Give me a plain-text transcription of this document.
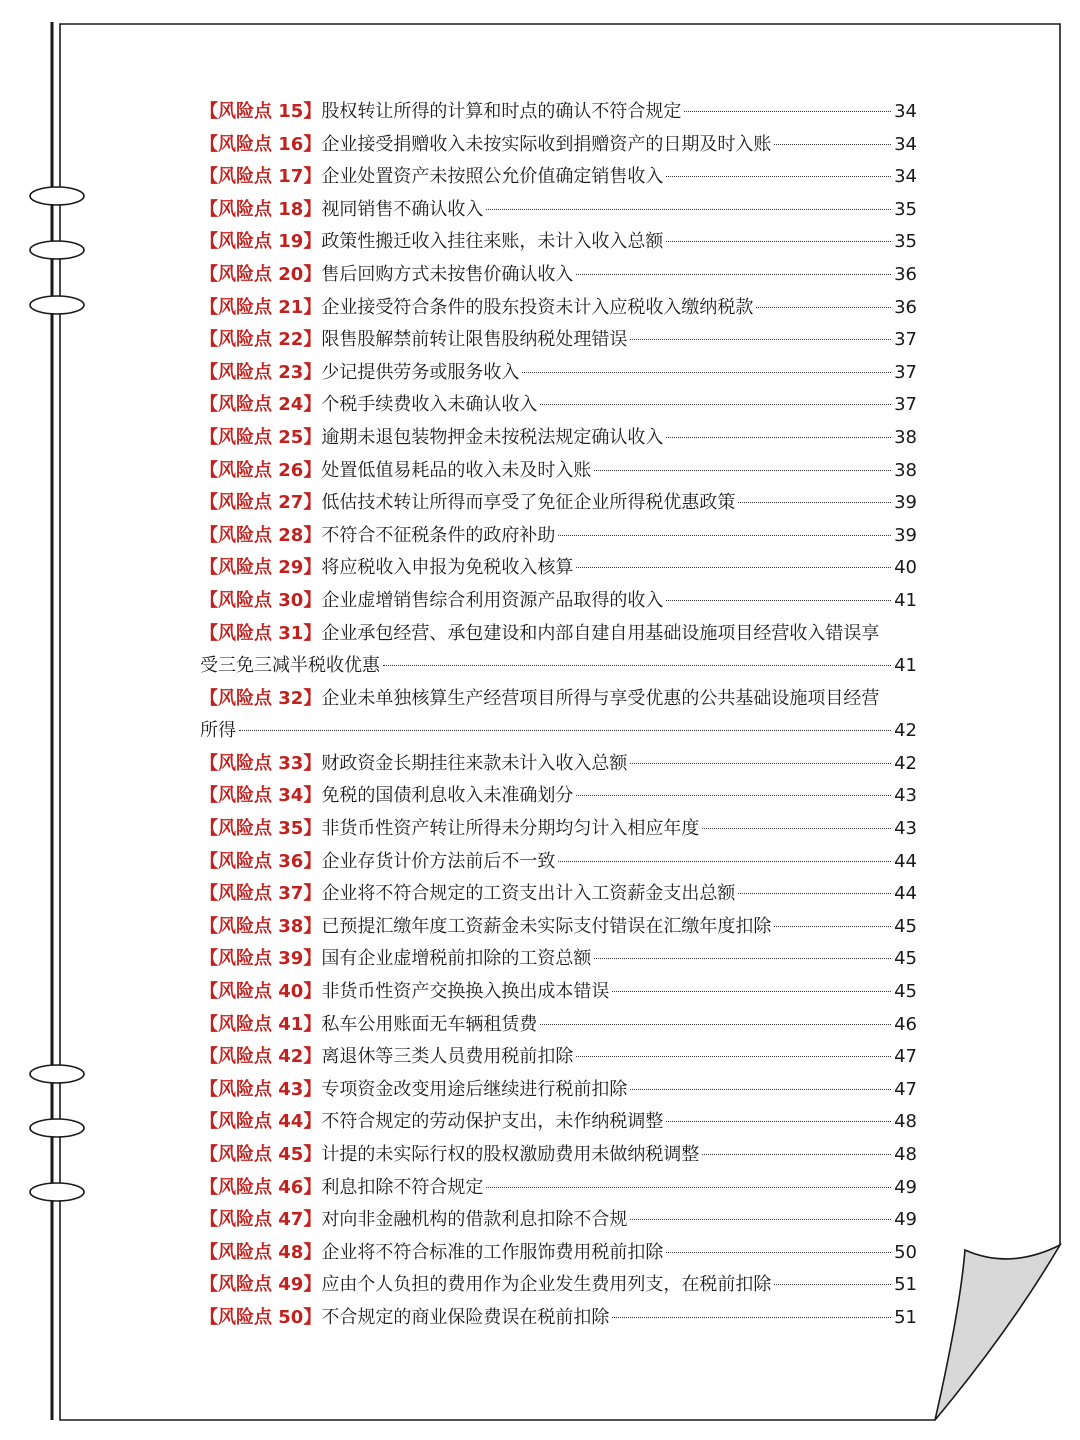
【风险点 15】 股权转让所得的计算和时点的确认不符合规定	34
【风险点 16】 企业接受捐赠收入未按实际收到捐赠资产的日期及时入账	34
【风险点 17】 企业处置资产未按照公允价值确定销售收入	34
【风险点 18】 视同销售不确认收入	35
【风险点 19】 政策性搬迁收入挂往来账，未计入收入总额	35
【风险点 20】 售后回购方式未按售价确认收入	36
【风险点 21】 企业接受符合条件的股东投资未计入应税收入缴纳税款	36
【风险点 22】 限售股解禁前转让限售股纳税处理错误	37
【风险点 23】 少记提供劳务或服务收入	37
【风险点 24】 个税手续费收入未确认收入	37
【风险点 25】 逾期未退包装物押金未按税法规定确认收入	38
【风险点 26】 处置低值易耗品的收入未及时入账	38
【风险点 27】 低估技术转让所得而享受了免征企业所得税优惠政策	39
【风险点 28】 不符合不征税条件的政府补助	39
【风险点 29】 将应税收入申报为免税收入核算	40
【风险点 30】 企业虚增销售综合利用资源产品取得的收入	41
【风险点 31】企业承包经营、承包建设和内部自建自用基础设施项目经营收入错误享
受三免三减半税收优惠	41
【风险点 32】企业未单独核算生产经营项目所得与享受优惠的公共基础设施项目经营
所得	42
【风险点 33】 财政资金长期挂往来款未计入收入总额	42
【风险点 34】 免税的国债利息收入未准确划分	43
【风险点 35】 非货币性资产转让所得未分期均匀计入相应年度	43
【风险点 36】 企业存货计价方法前后不一致	44
【风险点 37】 企业将不符合规定的工资支出计入工资薪金支出总额	44
【风险点 38】 已预提汇缴年度工资薪金未实际支付错误在汇缴年度扣除	45
【风险点 39】 国有企业虚增税前扣除的工资总额	45
【风险点 40】 非货币性资产交换换入换出成本错误	45
【风险点 41】 私车公用账面无车辆租赁费	46
【风险点 42】 离退休等三类人员费用税前扣除	47
【风险点 43】 专项资金改变用途后继续进行税前扣除	47
【风险点 44】 不符合规定的劳动保护支出，未作纳税调整	48
【风险点 45】 计提的未实际行权的股权激励费用未做纳税调整	48
【风险点 46】 利息扣除不符合规定	49
【风险点 47】 对向非金融机构的借款利息扣除不合规	49
【风险点 48】 企业将不符合标准的工作服饰费用税前扣除	50
【风险点 49】 应由个人负担的费用作为企业发生费用列支，在税前扣除	51
【风险点 50】 不合规定的商业保险费误在税前扣除	51
